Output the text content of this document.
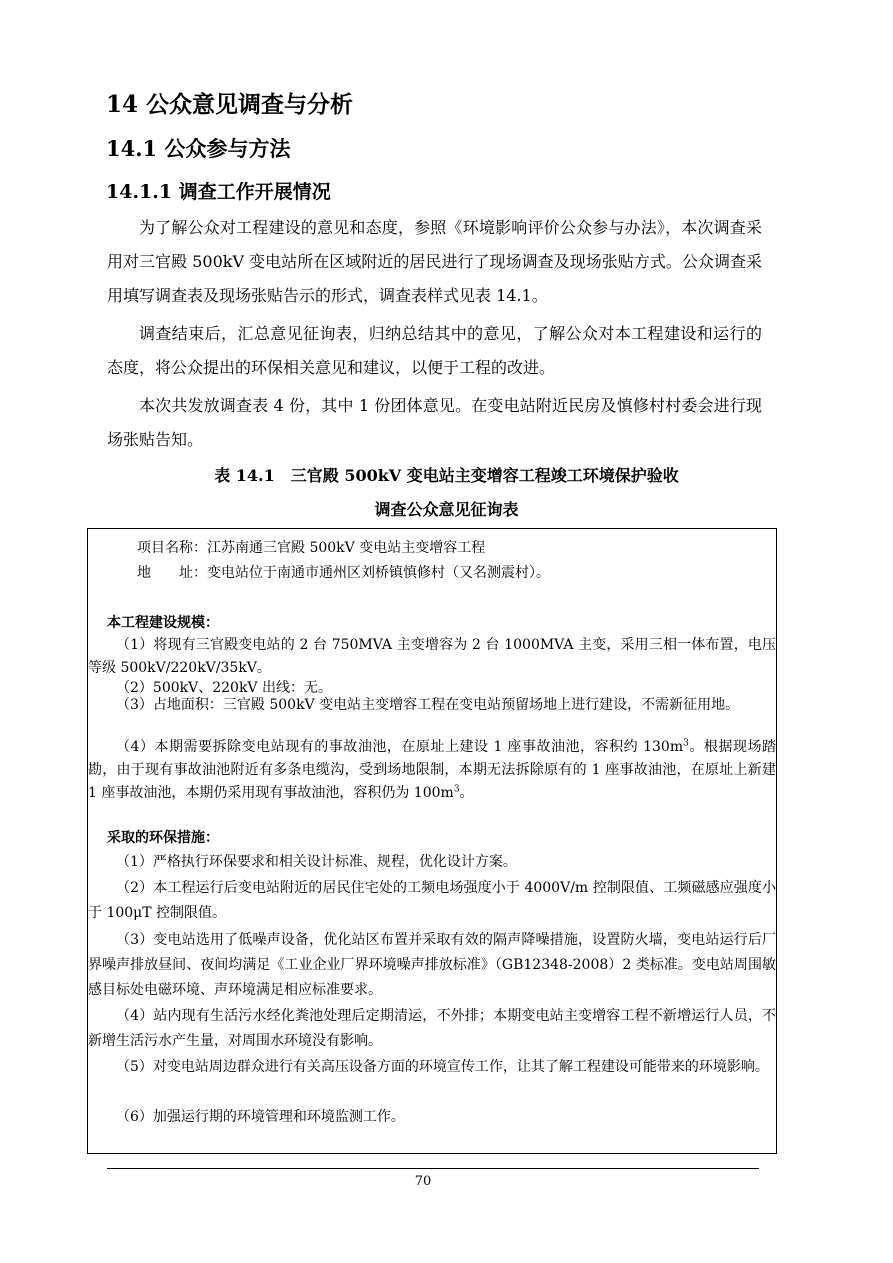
14 公众意见调查与分析
14.1 公众参与方法
14.1.1 调查工作开展情况

为了解公众对工程建设的意见和态度，参照《环境影响评价公众参与办法》，本次调查采用对三官殿 500kV 变电站所在区域附近的居民进行了现场调查及现场张贴方式。公众调查采用填写调查表及现场张贴告示的形式，调查表样式见表 14.1。

调查结束后，汇总意见征询表，归纳总结其中的意见，了解公众对本工程建设和运行的态度，将公众提出的环保相关意见和建议，以便于工程的改进。

本次共发放调查表 4 份，其中 1 份团体意见。在变电站附近民房及慎修村村委会进行现场张贴告知。

表 14.1　三官殿 500kV 变电站主变增容工程竣工环境保护验收

调查公众意见征询表

项目名称：江苏南通三官殿 500kV 变电站主变增容工程

地　　址：变电站位于南通市通州区刘桥镇慎修村（又名测震村）。

本工程建设规模：

（1）将现有三官殿变电站的 2 台 750MVA 主变增容为 2 台 1000MVA 主变，采用三相一体布置，电压等级 500kV/220kV/35kV。

（2）500kV、220kV 出线：无。

（3）占地面积：三官殿 500kV 变电站主变增容工程在变电站预留场地上进行建设，不需新征用地。

（4）本期需要拆除变电站现有的事故油池，在原址上建设 1 座事故油池，容积约 $130m^3$。根据现场踏勘，由于现有事故油池附近有多条电缆沟，受到场地限制，本期无法拆除原有的 1 座事故油池，在原址上新建 1 座事故油池，本期仍采用现有事故油池，容积仍为 $100m^3$。

采取的环保措施：

（1）严格执行环保要求和相关设计标准、规程，优化设计方案。

（2）本工程运行后变电站附近的居民住宅处的工频电场强度小于 4000V/m 控制限值、工频磁感应强度小于 100μT 控制限值。

（3）变电站选用了低噪声设备，优化站区布置并采取有效的隔声降噪措施，设置防火墙，变电站运行后厂界噪声排放昼间、夜间均满足《工业企业厂界环境噪声排放标准》（GB12348-2008）2 类标准。变电站周围敏感目标处电磁环境、声环境满足相应标准要求。

（4）站内现有生活污水经化粪池处理后定期清运，不外排；本期变电站主变增容工程不新增运行人员，不新增生活污水产生量，对周围水环境没有影响。

（5）对变电站周边群众进行有关高压设备方面的环境宣传工作，让其了解工程建设可能带来的环境影响。

（6）加强运行期的环境管理和环境监测工作。

70
